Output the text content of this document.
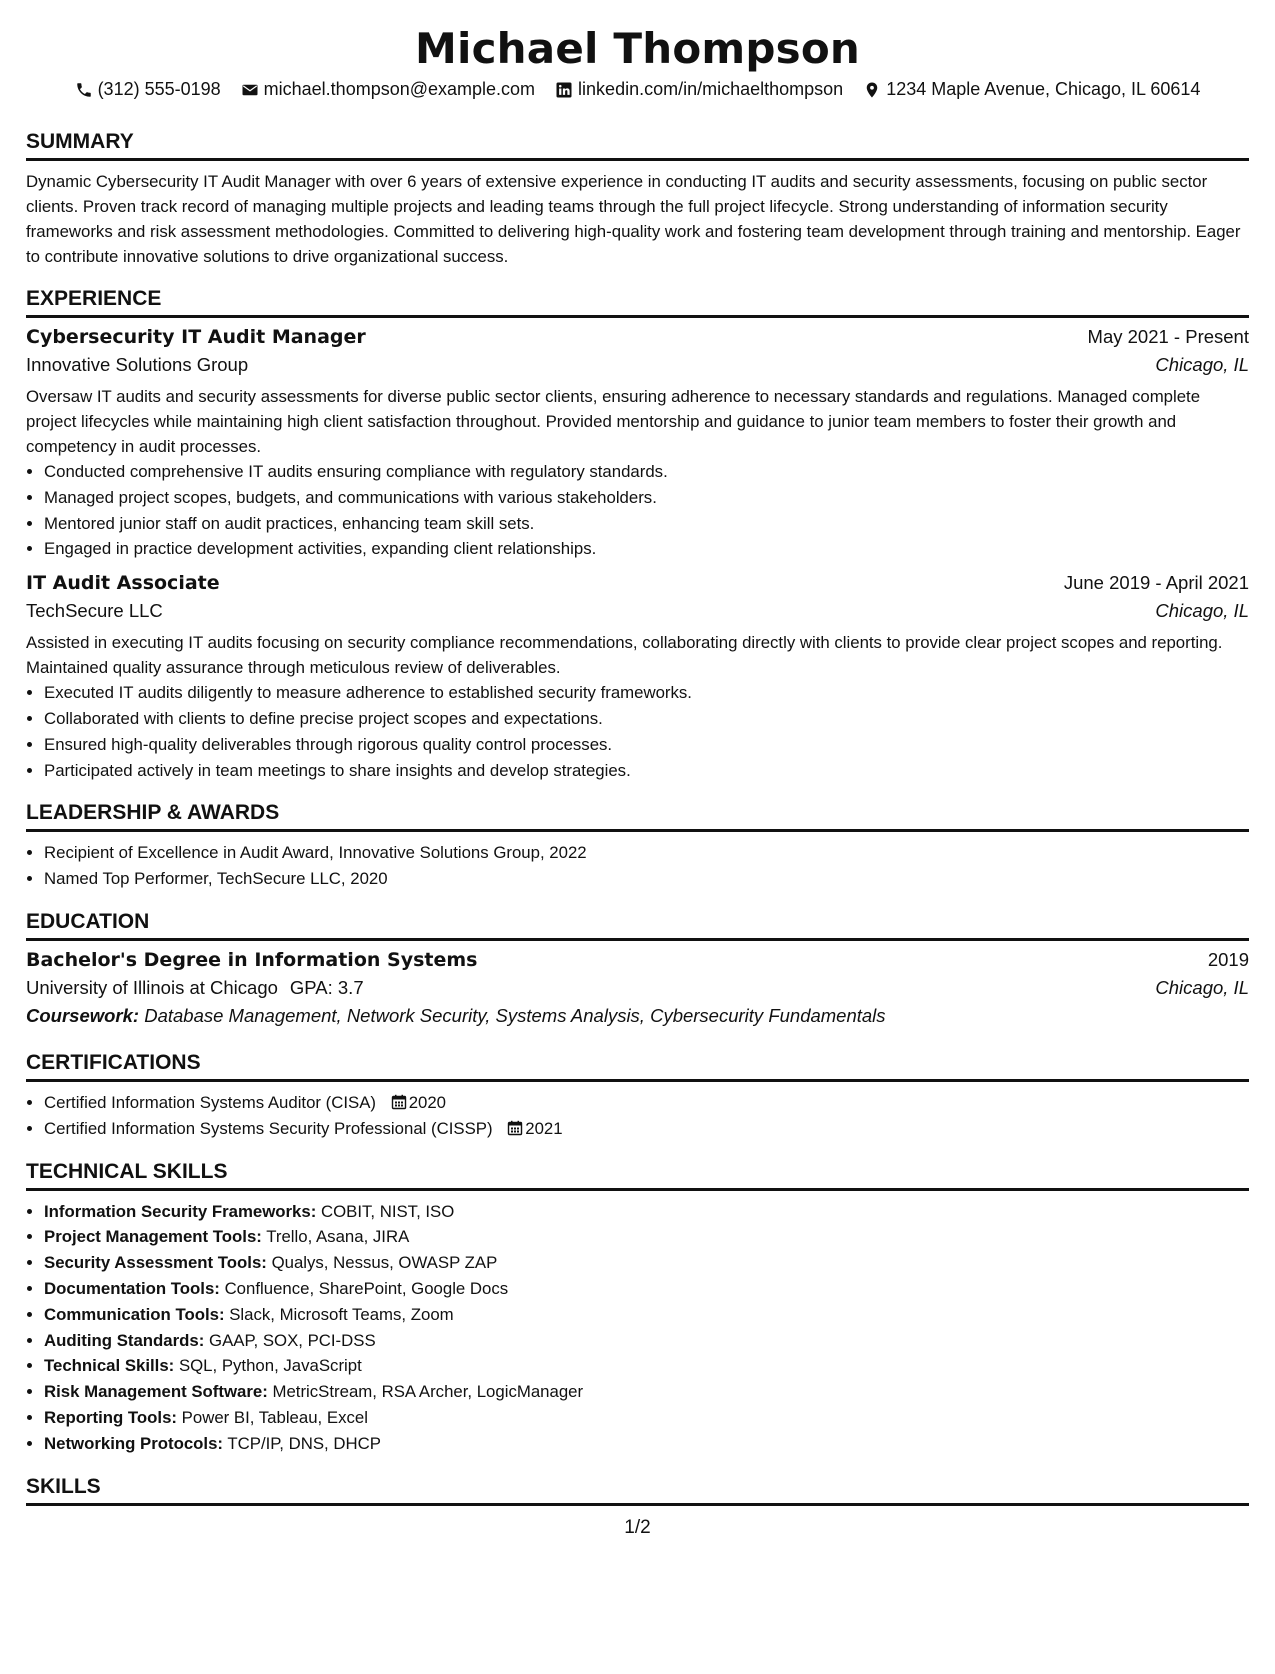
Michael Thompson
(312) 555-0198 michael.thompson@example.com linkedin.com/in/michaelthompson 1234 Maple Avenue, Chicago, IL 60614
SUMMARY

Dynamic Cybersecurity IT Audit Manager with over 6 years of extensive experience in conducting IT audits and security assessments, focusing on public sector clients. Proven track record of managing multiple projects and leading teams through the full project lifecycle. Strong understanding of information security frameworks and risk assessment methodologies. Committed to delivering high-quality work and fostering team development through training and mentorship. Eager to contribute innovative solutions to drive organizational success.

EXPERIENCE
Cybersecurity IT Audit Manager	May 2021 - Present
Innovative Solutions Group	Chicago, IL

Oversaw IT audits and security assessments for diverse public sector clients, ensuring adherence to necessary standards and regulations. Managed complete project lifecycles while maintaining high client satisfaction throughout. Provided mentorship and guidance to junior team members to foster their growth and competency in audit processes.

• Conducted comprehensive IT audits ensuring compliance with regulatory standards.
• Managed project scopes, budgets, and communications with various stakeholders.
• Mentored junior staff on audit practices, enhancing team skill sets.
• Engaged in practice development activities, expanding client relationships.
IT Audit Associate	June 2019 - April 2021
TechSecure LLC	Chicago, IL

Assisted in executing IT audits focusing on security compliance recommendations, collaborating directly with clients to provide clear project scopes and reporting. Maintained quality assurance through meticulous review of deliverables.

• Executed IT audits diligently to measure adherence to established security frameworks.
• Collaborated with clients to define precise project scopes and expectations.
• Ensured high-quality deliverables through rigorous quality control processes.
• Participated actively in team meetings to share insights and develop strategies.
LEADERSHIP & AWARDS
• Recipient of Excellence in Audit Award, Innovative Solutions Group, 2022
• Named Top Performer, TechSecure LLC, 2020
EDUCATION
Bachelor's Degree in Information Systems	2019
University of Illinois at Chicago GPA: 3.7	Chicago, IL
Coursework: Database Management, Network Security, Systems Analysis, Cybersecurity Fundamentals
CERTIFICATIONS
• Certified Information Systems Auditor (CISA) 2020
• Certified Information Systems Security Professional (CISSP) 2021
TECHNICAL SKILLS
• Information Security Frameworks: COBIT, NIST, ISO
• Project Management Tools: Trello, Asana, JIRA
• Security Assessment Tools: Qualys, Nessus, OWASP ZAP
• Documentation Tools: Confluence, SharePoint, Google Docs
• Communication Tools: Slack, Microsoft Teams, Zoom
• Auditing Standards: GAAP, SOX, PCI-DSS
• Technical Skills: SQL, Python, JavaScript
• Risk Management Software: MetricStream, RSA Archer, LogicManager
• Reporting Tools: Power BI, Tableau, Excel
• Networking Protocols: TCP/IP, DNS, DHCP
SKILLS
1/2
